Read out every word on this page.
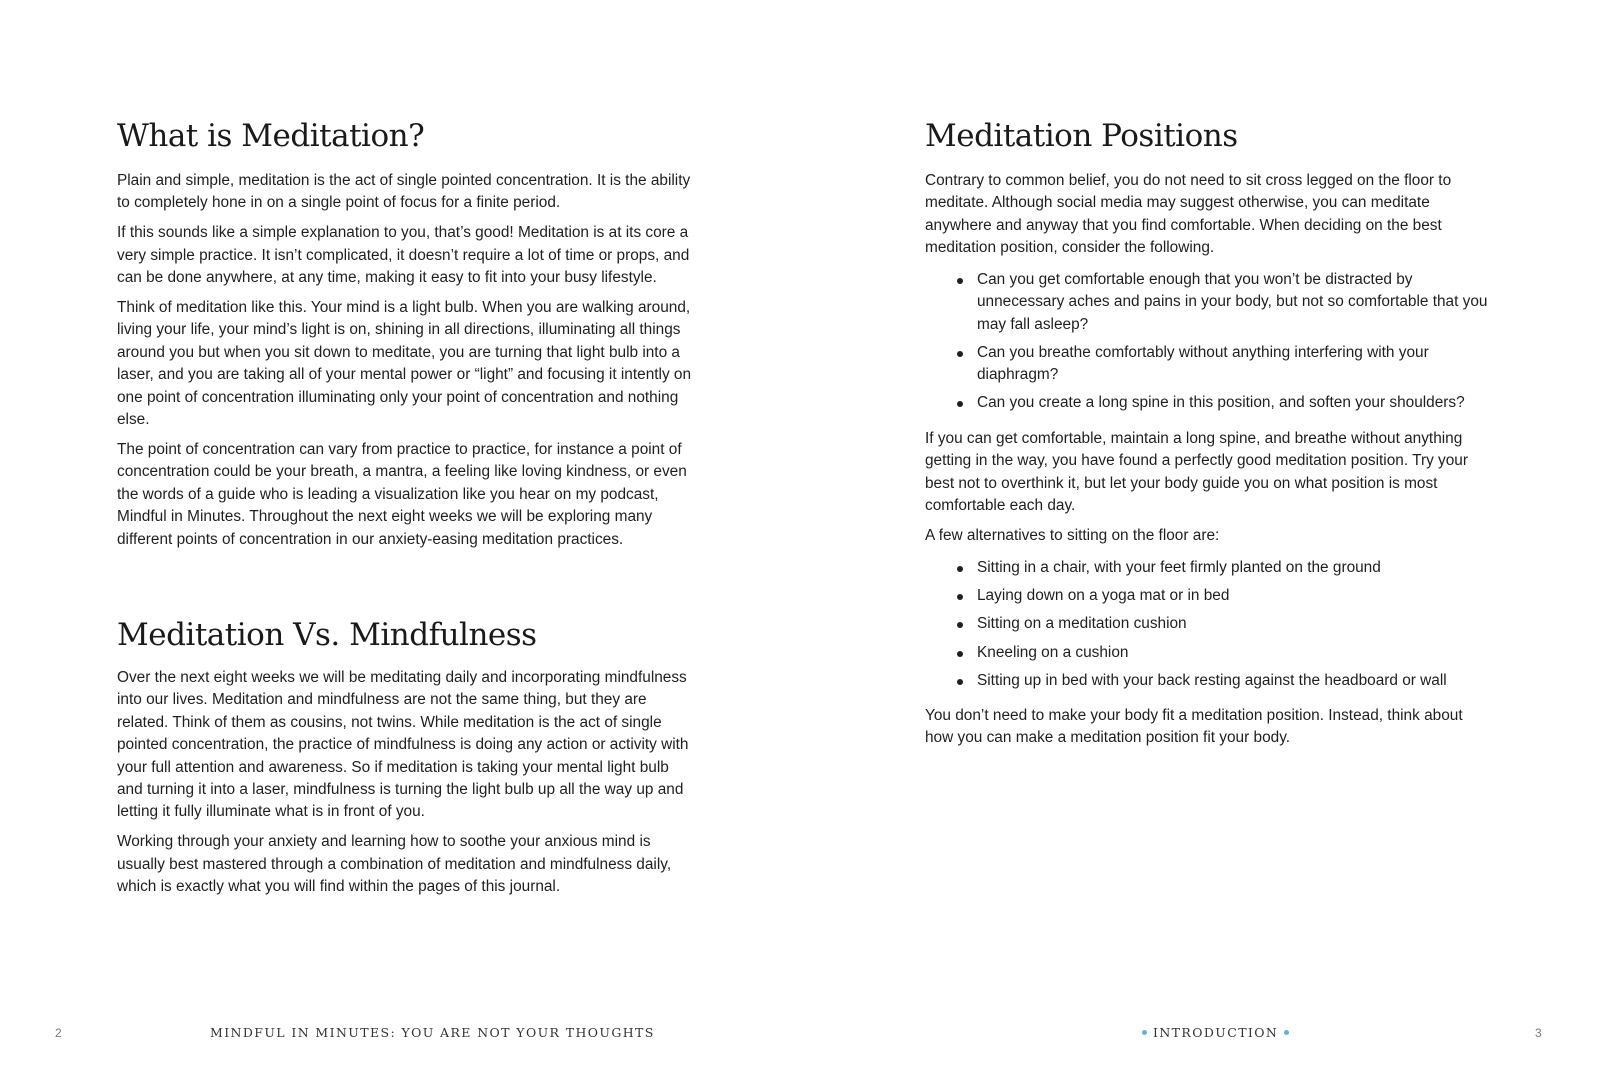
What is Meditation?

Plain and simple, meditation is the act of single pointed concentration. It is the ability to completely hone in on a single point of focus for a finite period.

If this sounds like a simple explanation to you, that’s good! Meditation is at its core a very simple practice. It isn’t complicated, it doesn’t require a lot of time or props, and can be done anywhere, at any time, making it easy to fit into your busy lifestyle.

Think of meditation like this. Your mind is a light bulb. When you are walking around, living your life, your mind’s light is on, shining in all directions, illuminating all things around you but when you sit down to meditate, you are turning that light bulb into a laser, and you are taking all of your mental power or “light” and focusing it intently on one point of concentration illuminating only your point of concentration and nothing else.

The point of concentration can vary from practice to practice, for instance a point of concentration could be your breath, a mantra, a feeling like loving kindness, or even the words of a guide who is leading a visualization like you hear on my podcast, Mindful in Minutes. Throughout the next eight weeks we will be exploring many different points of concentration in our anxiety-easing meditation practices.

Meditation Vs. Mindfulness

Over the next eight weeks we will be meditating daily and incorporating mindfulness into our lives. Meditation and mindfulness are not the same thing, but they are related. Think of them as cousins, not twins. While meditation is the act of single pointed concentration, the practice of mindfulness is doing any action or activity with your full attention and awareness. So if meditation is taking your mental light bulb and turning it into a laser, mindfulness is turning the light bulb up all the way up and letting it fully illuminate what is in front of you.

Working through your anxiety and learning how to soothe your anxious mind is usually best mastered through a combination of meditation and mindfulness daily, which is exactly what you will find within the pages of this journal.

Meditation Positions

Contrary to common belief, you do not need to sit cross legged on the floor to meditate. Although social media may suggest otherwise, you can meditate anywhere and anyway that you find comfortable. When deciding on the best meditation position, consider the following.

Can you get comfortable enough that you won’t be distracted by unnecessary aches and pains in your body, but not so comfortable that you may fall asleep?
Can you breathe comfortably without anything interfering with your diaphragm?
Can you create a long spine in this position, and soften your shoulders?

If you can get comfortable, maintain a long spine, and breathe without anything getting in the way, you have found a perfectly good meditation position. Try your best not to overthink it, but let your body guide you on what position is most comfortable each day.

A few alternatives to sitting on the floor are:

Sitting in a chair, with your feet firmly planted on the ground
Laying down on a yoga mat or in bed
Sitting on a meditation cushion
Kneeling on a cushion
Sitting up in bed with your back resting against the headboard or wall

You don’t need to make your body fit a meditation position. Instead, think about how you can make a meditation position fit your body.

2	MINDFUL IN MINUTES: YOU ARE NOT YOUR THOUGHTS	INTRODUCTION	3
